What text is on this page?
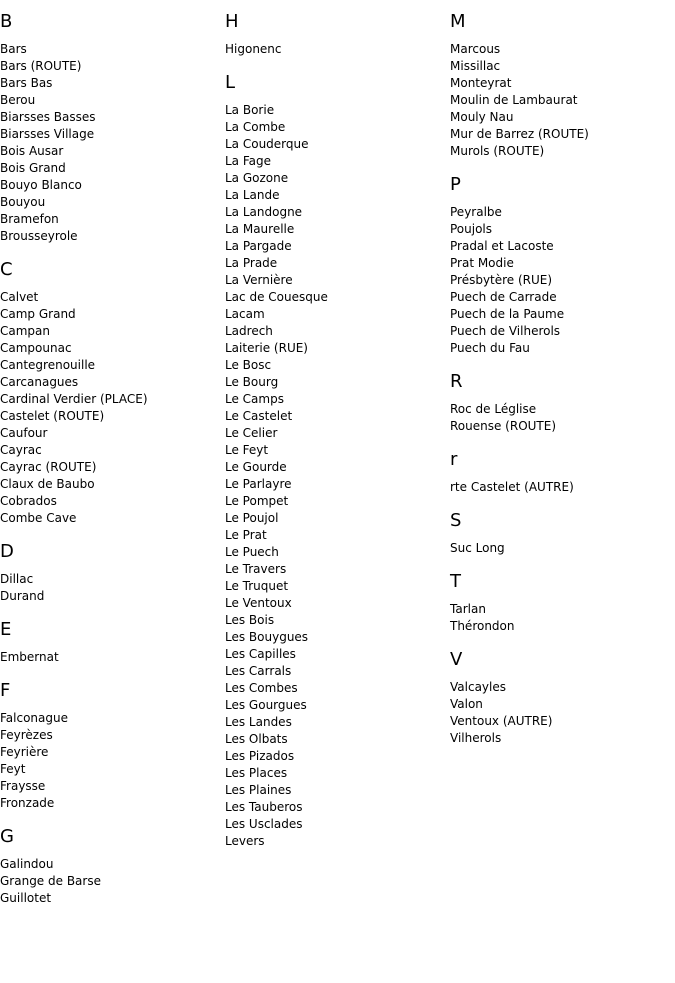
B
Bars
Bars (ROUTE)
Bars Bas
Berou
Biarsses Basses
Biarsses Village
Bois Ausar
Bois Grand
Bouyo Blanco
Bouyou
Bramefon
Brousseyrole
C
Calvet
Camp Grand
Campan
Campounac
Cantegrenouille
Carcanagues
Cardinal Verdier (PLACE)
Castelet (ROUTE)
Caufour
Cayrac
Cayrac (ROUTE)
Claux de Baubo
Cobrados
Combe Cave
D
Dillac
Durand
E
Embernat
F
Falconague
Feyrèzes
Feyrière
Feyt
Fraysse
Fronzade
G
Galindou
Grange de Barse
Guillotet
H
Higonenc
L
La Borie
La Combe
La Couderque
La Fage
La Gozone
La Lande
La Landogne
La Maurelle
La Pargade
La Prade
La Vernière
Lac de Couesque
Lacam
Ladrech
Laiterie (RUE)
Le Bosc
Le Bourg
Le Camps
Le Castelet
Le Celier
Le Feyt
Le Gourde
Le Parlayre
Le Pompet
Le Poujol
Le Prat
Le Puech
Le Travers
Le Truquet
Le Ventoux
Les Bois
Les Bouygues
Les Capilles
Les Carrals
Les Combes
Les Gourgues
Les Landes
Les Olbats
Les Pizados
Les Places
Les Plaines
Les Tauberos
Les Usclades
Levers
M
Marcous
Missillac
Monteyrat
Moulin de Lambaurat
Mouly Nau
Mur de Barrez (ROUTE)
Murols (ROUTE)
P
Peyralbe
Poujols
Pradal et Lacoste
Prat Modie
Présbytère (RUE)
Puech de Carrade
Puech de la Paume
Puech de Vilherols
Puech du Fau
R
Roc de Léglise
Rouense (ROUTE)
r
rte Castelet (AUTRE)
S
Suc Long
T
Tarlan
Thérondon
V
Valcayles
Valon
Ventoux (AUTRE)
Vilherols
